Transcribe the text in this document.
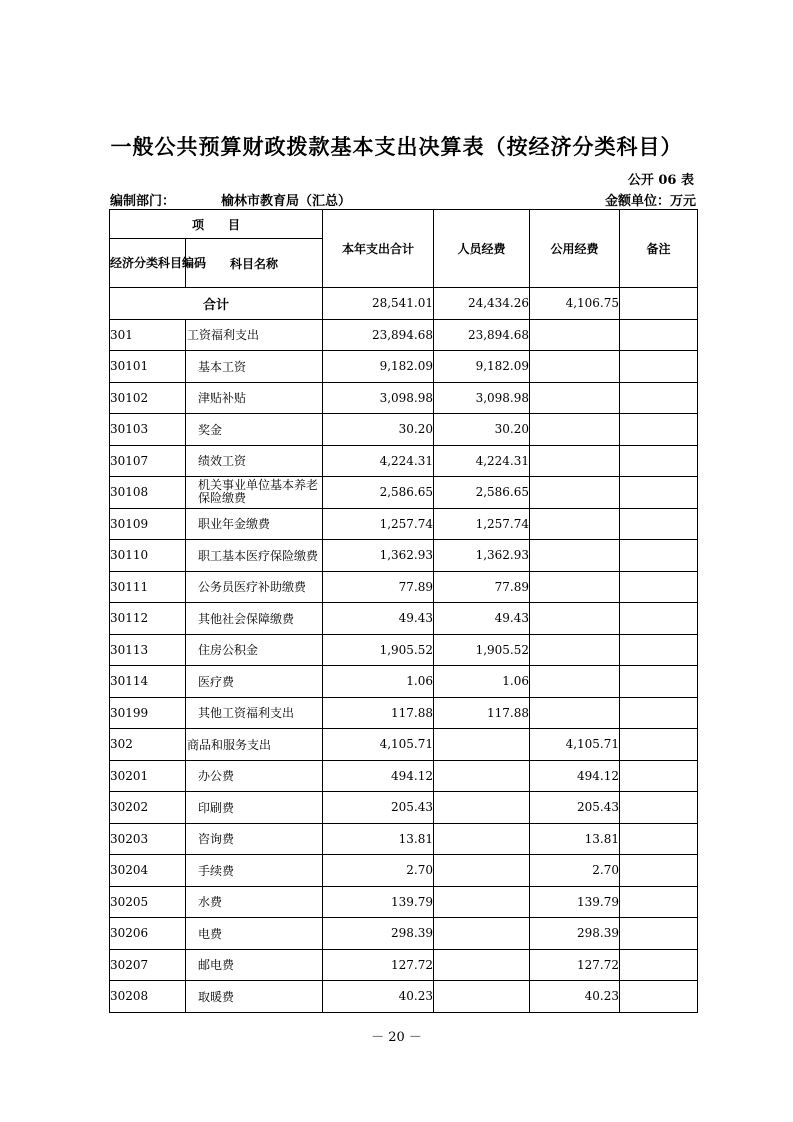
一般公共预算财政拨款基本支出决算表（按经济分类科目）
公开 06 表
编制部门：	榆林市教育局（汇总）	金额单位：万元
项　　目		本年支出合计	人员经费	公用经费	备注
经济分类科目编码	科目名称				
合计		28,541.01	24,434.26	4,106.75	
301	工资福利支出	23,894.68	23,894.68		
30101	基本工资	9,182.09	9,182.09		
30102	津贴补贴	3,098.98	3,098.98		
30103	奖金	30.20	30.20		
30107	绩效工资	4,224.31	4,224.31		
30108	机关事业单位基本养老保险缴费	2,586.65	2,586.65		
30109	职业年金缴费	1,257.74	1,257.74		
30110	职工基本医疗保险缴费	1,362.93	1,362.93		
30111	公务员医疗补助缴费	77.89	77.89		
30112	其他社会保障缴费	49.43	49.43		
30113	住房公积金	1,905.52	1,905.52		
30114	医疗费	1.06	1.06		
30199	其他工资福利支出	117.88	117.88		
302	商品和服务支出	4,105.71		4,105.71	
30201	办公费	494.12		494.12	
30202	印刷费	205.43		205.43	
30203	咨询费	13.81		13.81	
30204	手续费	2.70		2.70	
30205	水费	139.79		139.79	
30206	电费	298.39		298.39	
30207	邮电费	127.72		127.72	
30208	取暖费	40.23		40.23	
－ 20 －
